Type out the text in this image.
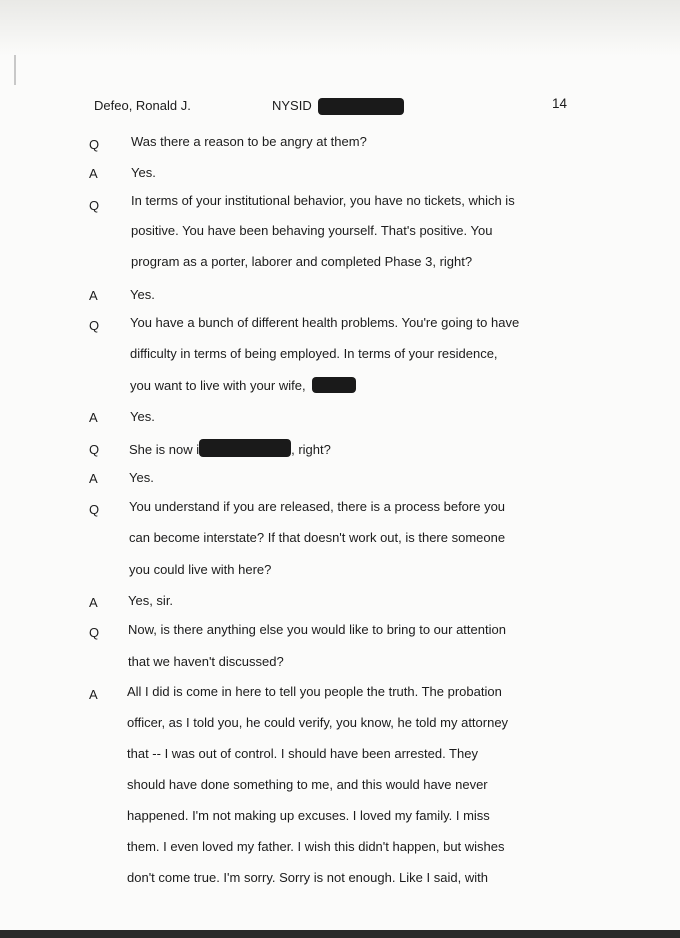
Defeo, Ronald J.	NYSID	14
Q	Was there a reason to be angry at them?
A	Yes.
Q	In terms of your institutional behavior, you have no tickets, which is
positive. You have been behaving yourself. That's positive. You
program as a porter, laborer and completed Phase 3, right?
A	Yes.
Q	You have a bunch of different health problems. You're going to have
difficulty in terms of being employed. In terms of your residence,
you want to live with your wife,
A	Yes.
Q	She is now i	, right?
A	Yes.
Q	You understand if you are released, there is a process before you
can become interstate? If that doesn't work out, is there someone
you could live with here?
A	Yes, sir.
Q	Now, is there anything else you would like to bring to our attention
that we haven't discussed?
A	All I did is come in here to tell you people the truth. The probation
officer, as I told you, he could verify, you know, he told my attorney
that -- I was out of control. I should have been arrested. They
should have done something to me, and this would have never
happened. I'm not making up excuses. I loved my family. I miss
them. I even loved my father. I wish this didn't happen, but wishes
don't come true. I'm sorry. Sorry is not enough. Like I said, with
